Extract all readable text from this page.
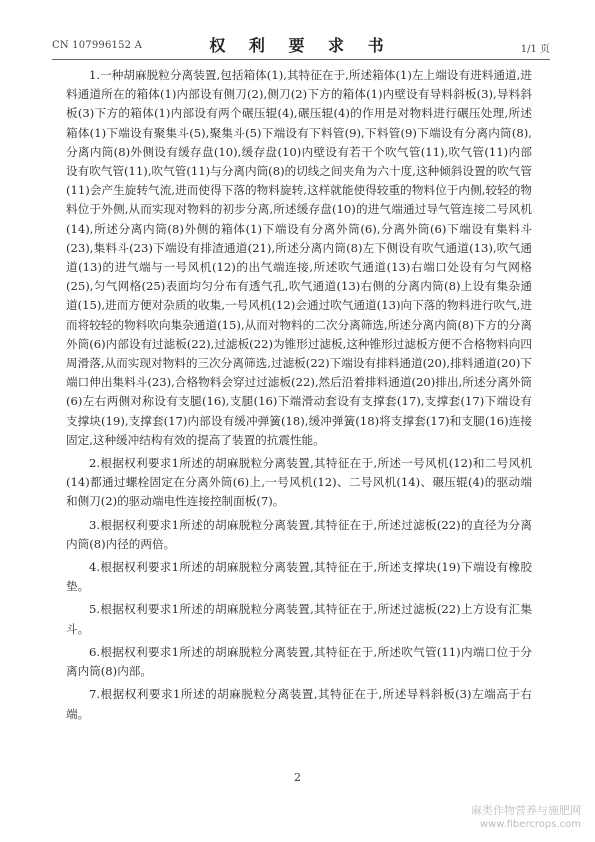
CN 107996152 A	权 利 要 求 书	1/1 页

1.一种胡麻脱粒分离装置,包括箱体(1),其特征在于,所述箱体(1)左上端设有进料通道,进料通道所在的箱体(1)内部设有侧刀(2),侧刀(2)下方的箱体(1)内壁设有导料斜板(3),导料斜板(3)下方的箱体(1)内部设有两个碾压辊(4),碾压辊(4)的作用是对物料进行碾压处理,所述箱体(1)下端设有聚集斗(5),聚集斗(5)下端设有下料管(9),下料管(9)下端设有分离内筒(8),分离内筒(8)外侧设有缓存盘(10),缓存盘(10)内壁设有若干个吹气管(11),吹气管(11)内部设有吹气管(11),吹气管(11)与分离内筒(8)的切线之间夹角为六十度,这种倾斜设置的吹气管(11)会产生旋转气流,进而使得下落的物料旋转,这样就能使得较重的物料位于内侧,较轻的物料位于外侧,从而实现对物料的初步分离,所述缓存盘(10)的进气端通过导气管连接二号风机(14),所述分离内筒(8)外侧的箱体(1)下端设有分离外筒(6),分离外筒(6)下端设有集料斗(23),集料斗(23)下端设有排渣通道(21),所述分离内筒(8)左下侧设有吹气通道(13),吹气通道(13)的进气端与一号风机(12)的出气端连接,所述吹气通道(13)右端口处设有匀气网格(25),匀气网格(25)表面均匀分布有透气孔,吹气通道(13)右侧的分离内筒(8)上设有集杂通道(15),进而方便对杂质的收集,一号风机(12)会通过吹气通道(13)向下落的物料进行吹气,进而将较轻的物料吹向集杂通道(15),从而对物料的二次分离筛选,所述分离内筒(8)下方的分离外筒(6)内部设有过滤板(22),过滤板(22)为锥形过滤板,这种锥形过滤板方便不合格物料向四周滑落,从而实现对物料的三次分离筛选,过滤板(22)下端设有排料通道(20),排料通道(20)下端口伸出集料斗(23),合格物料会穿过过滤板(22),然后沿着排料通道(20)排出,所述分离外筒(6)左右两侧对称设有支腿(16),支腿(16)下端滑动套设有支撑套(17),支撑套(17)下端设有支撑块(19),支撑套(17)内部设有缓冲弹簧(18),缓冲弹簧(18)将支撑套(17)和支腿(16)连接固定,这种缓冲结构有效的提高了装置的抗震性能。

2.根据权利要求1所述的胡麻脱粒分离装置,其特征在于,所述一号风机(12)和二号风机(14)都通过螺栓固定在分离外筒(6)上,一号风机(12)、二号风机(14)、碾压辊(4)的驱动端和侧刀(2)的驱动端电性连接控制面板(7)。

3.根据权利要求1所述的胡麻脱粒分离装置,其特征在于,所述过滤板(22)的直径为分离内筒(8)内径的两倍。

4.根据权利要求1所述的胡麻脱粒分离装置,其特征在于,所述支撑块(19)下端设有橡胶垫。

5.根据权利要求1所述的胡麻脱粒分离装置,其特征在于,所述过滤板(22)上方设有汇集斗。

6.根据权利要求1所述的胡麻脱粒分离装置,其特征在于,所述吹气管(11)内端口位于分离内筒(8)内部。

7.根据权利要求1所述的胡麻脱粒分离装置,其特征在于,所述导料斜板(3)左端高于右端。

2
麻类作物营养与施肥网
www.fibercrops.com
